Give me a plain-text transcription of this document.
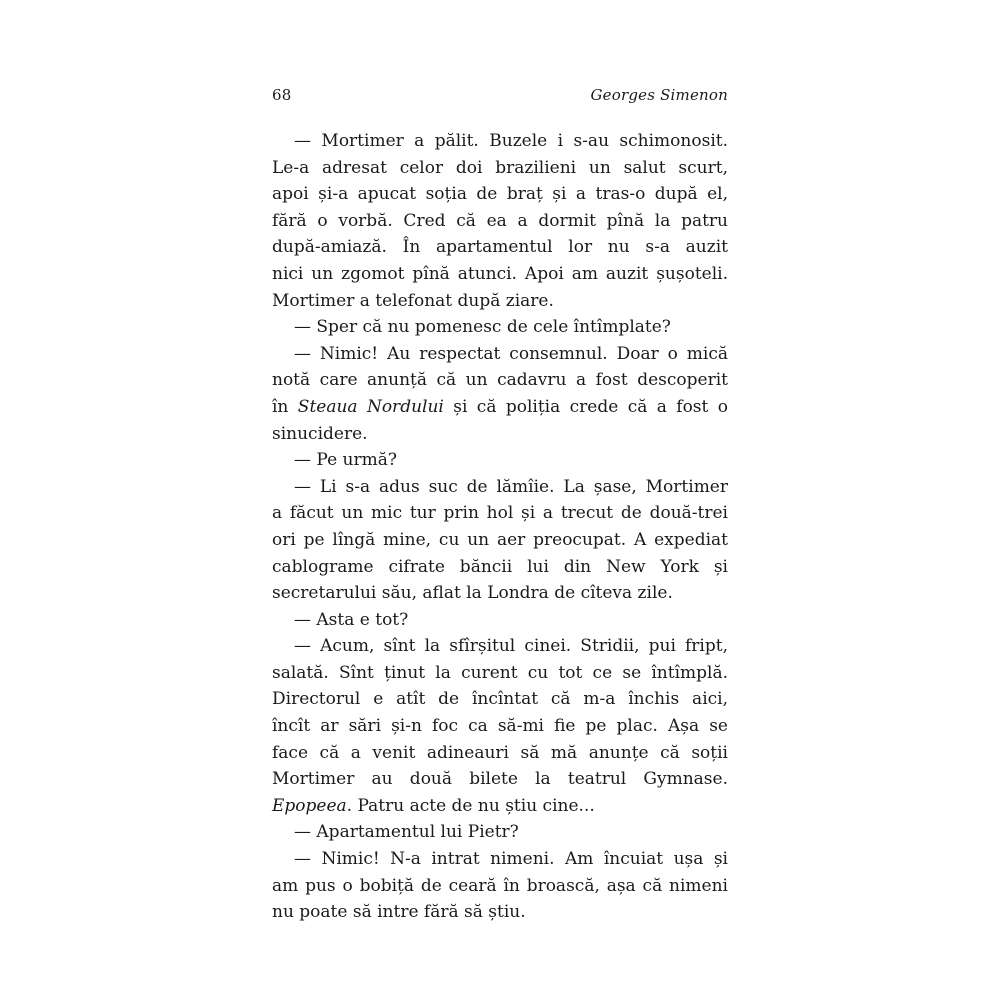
68	Georges Simenon
— Mortimer a pălit. Buzele i s-au schimonosit.
Le-a adresat celor doi brazilieni un salut scurt,
apoi și-a apucat soția de braț și a tras-o după el,
fără o vorbă. Cred că ea a dormit pînă la patru
după-amiază. În apartamentul lor nu s-a auzit
nici un zgomot pînă atunci. Apoi am auzit șușoteli.
Mortimer a telefonat după ziare.
— Sper că nu pomenesc de cele întîmplate?
— Nimic! Au respectat consemnul. Doar o mică
notă care anunță că un cadavru a fost descoperit
în Steaua Nordului și că poliția crede că a fost o
sinucidere.
— Pe urmă?
— Li s-a adus suc de lămîie. La șase, Mortimer
a făcut un mic tur prin hol și a trecut de două-trei
ori pe lîngă mine, cu un aer preocupat. A expediat
cablograme cifrate băncii lui din New York și
secretarului său, aflat la Londra de cîteva zile.
— Asta e tot?
— Acum, sînt la sfîrșitul cinei. Stridii, pui fript,
salată. Sînt ținut la curent cu tot ce se întîmplă.
Directorul e atît de încîntat că m-a închis aici,
încît ar sări și-n foc ca să-mi fie pe plac. Așa se
face că a venit adineauri să mă anunțe că soții
Mortimer au două bilete la teatrul Gymnase.
Epopeea. Patru acte de nu știu cine...
— Apartamentul lui Pietr?
— Nimic! N-a intrat nimeni. Am încuiat ușa și
am pus o bobiță de ceară în broască, așa că nimeni
nu poate să intre fără să știu.
